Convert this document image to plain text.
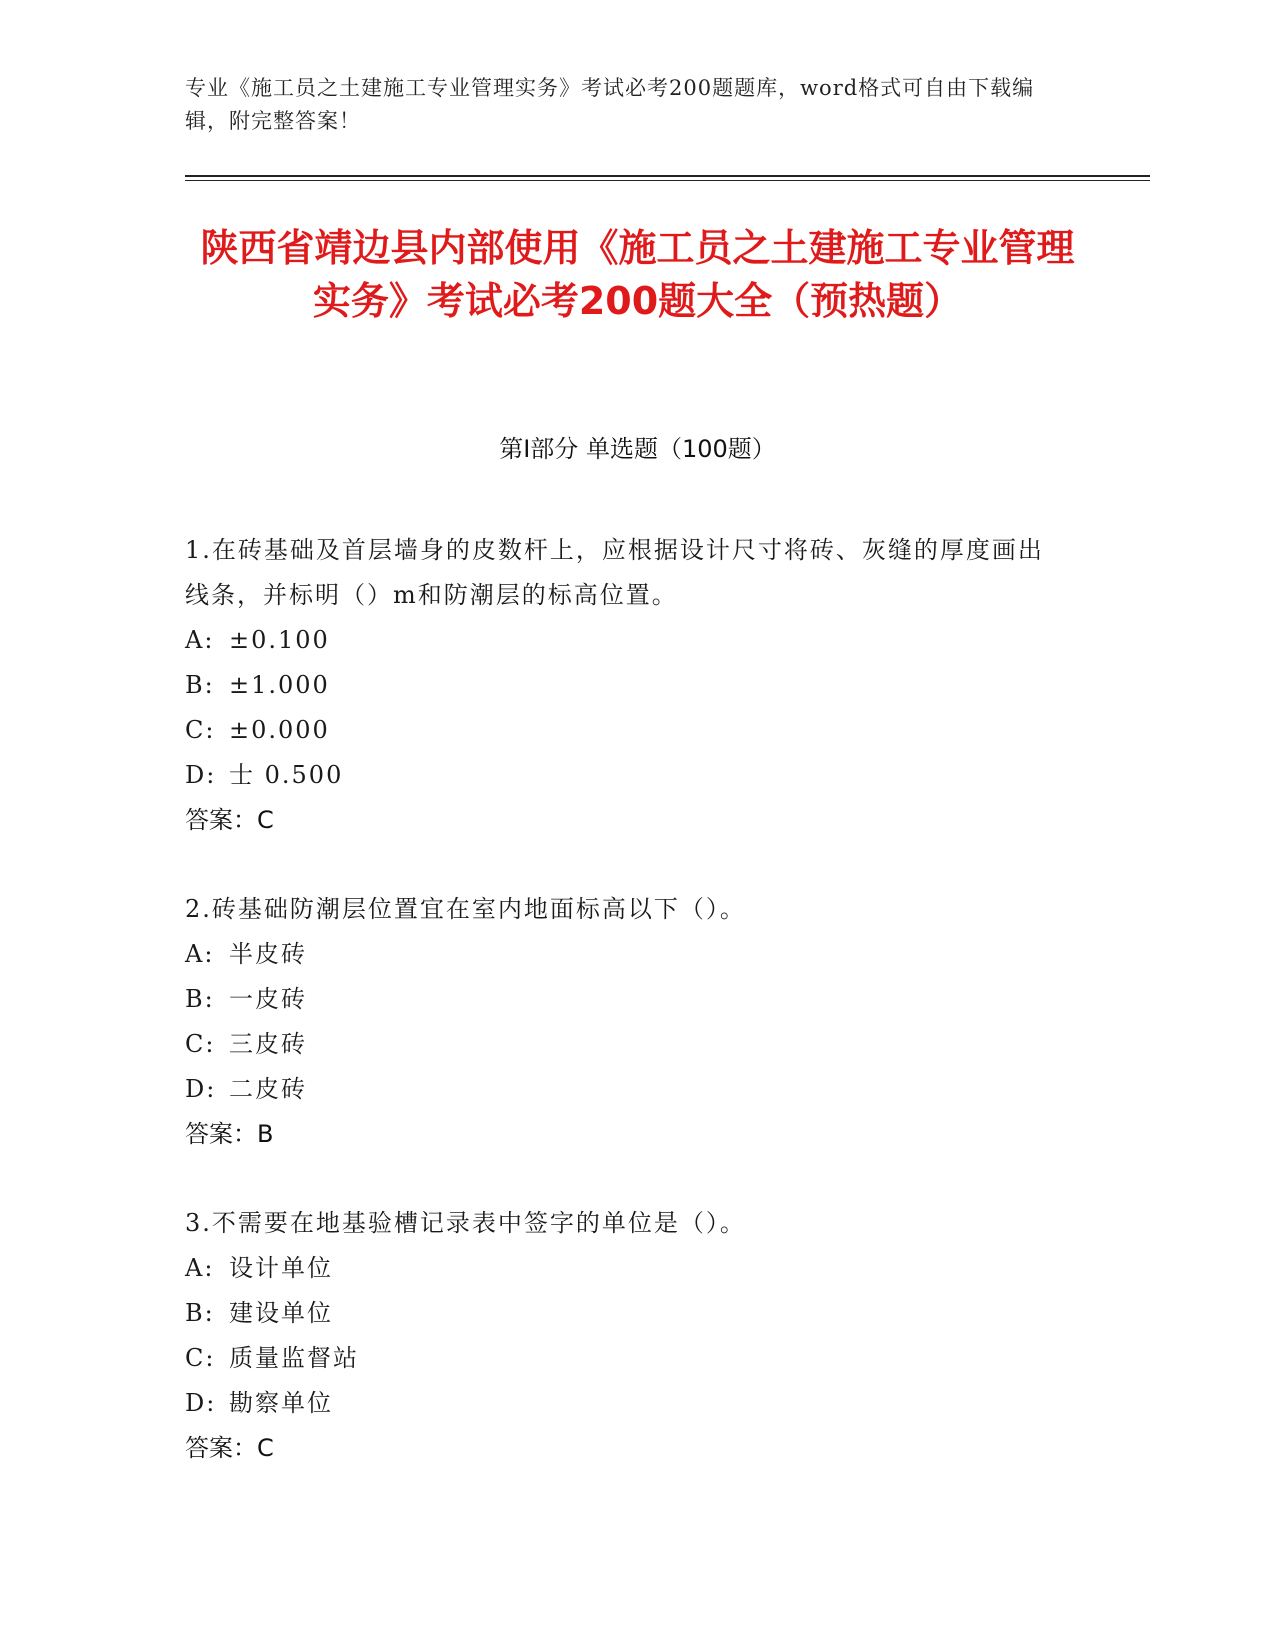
专业《施工员之土建施工专业管理实务》考试必考200题题库，word格式可自由下载编辑，附完整答案！
陕西省靖边县内部使用《施工员之土建施工专业管理实务》考试必考200题大全（预热题）
第Ⅰ部分 单选题（100题）
1.在砖基础及首层墙身的皮数杆上，应根据设计尺寸将砖、灰缝的厚度画出线条，并标明（）m和防潮层的标高位置。
A: ±0.100
B: ±1.000
C: ±0.000
D: 士 0.500
答案：C
2.砖基础防潮层位置宜在室内地面标高以下（）。
A: 半皮砖
B: 一皮砖
C: 三皮砖
D: 二皮砖
答案：B
3.不需要在地基验槽记录表中签字的单位是（）。
A: 设计单位
B: 建设单位
C: 质量监督站
D: 勘察单位
答案：C
